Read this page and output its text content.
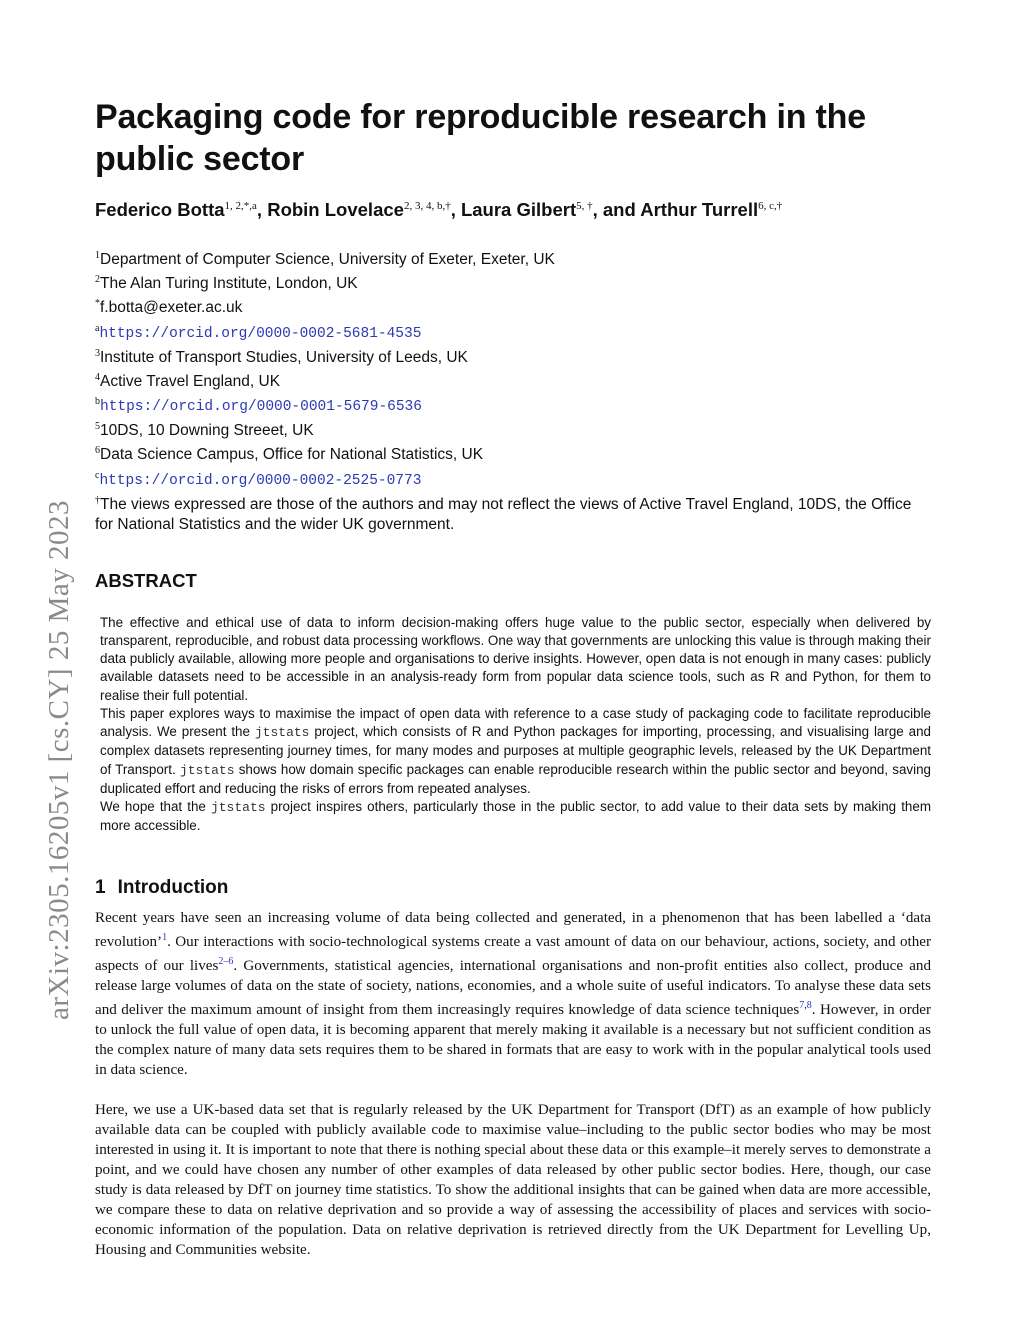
arXiv:2305.16205v1 [cs.CY] 25 May 2023
Packaging code for reproducible research in the public sector
Federico Botta$^{1, 2,*,a}$, Robin Lovelace$^{2, 3, 4, b,\dagger}$, Laura Gilbert$^{5, \dagger}$, and Arthur Turrell$^{6, c,\dagger}$
$^1$Department of Computer Science, University of Exeter, Exeter, UK
$^2$The Alan Turing Institute, London, UK
*f.botta@exeter.ac.uk
$^a$https://orcid.org/0000-0002-5681-4535
$^3$Institute of Transport Studies, University of Leeds, UK
$^4$Active Travel England, UK
$^b$https://orcid.org/0000-0001-5679-6536
$^5$10DS, 10 Downing Streeet, UK
$^6$Data Science Campus, Office for National Statistics, UK
$^c$https://orcid.org/0000-0002-2525-0773
†The views expressed are those of the authors and may not reflect the views of Active Travel England, 10DS, the Office for National Statistics and the wider UK government.
ABSTRACT

The effective and ethical use of data to inform decision-making offers huge value to the public sector, especially when delivered by transparent, reproducible, and robust data processing workflows. One way that governments are unlocking this value is through making their data publicly available, allowing more people and organisations to derive insights. However, open data is not enough in many cases: publicly available datasets need to be accessible in an analysis-ready form from popular data science tools, such as R and Python, for them to realise their full potential.

This paper explores ways to maximise the impact of open data with reference to a case study of packaging code to facilitate reproducible analysis. We present the jtstats project, which consists of R and Python packages for importing, processing, and visualising large and complex datasets representing journey times, for many modes and purposes at multiple geographic levels, released by the UK Department of Transport. jtstats shows how domain specific packages can enable reproducible research within the public sector and beyond, saving duplicated effort and reducing the risks of errors from repeated analyses.

We hope that the jtstats project inspires others, particularly those in the public sector, to add value to their data sets by making them more accessible.

1 Introduction

Recent years have seen an increasing volume of data being collected and generated, in a phenomenon that has been labelled a ‘data revolution’$^1$. Our interactions with socio-technological systems create a vast amount of data on our behaviour, actions, society, and other aspects of our lives$^{2-6}$. Governments, statistical agencies, international organisations and non-profit entities also collect, produce and release large volumes of data on the state of society, nations, economies, and a whole suite of useful indicators. To analyse these data sets and deliver the maximum amount of insight from them increasingly requires knowledge of data science techniques$^{7,8}$. However, in order to unlock the full value of open data, it is becoming apparent that merely making it available is a necessary but not sufficient condition as the complex nature of many data sets requires them to be shared in formats that are easy to work with in the popular analytical tools used in data science.

Here, we use a UK-based data set that is regularly released by the UK Department for Transport (DfT) as an example of how publicly available data can be coupled with publicly available code to maximise value–including to the public sector bodies who may be most interested in using it. It is important to note that there is nothing special about these data or this example–it merely serves to demonstrate a point, and we could have chosen any number of other examples of data released by other public sector bodies. Here, though, our case study is data released by DfT on journey time statistics. To show the additional insights that can be gained when data are more accessible, we compare these to data on relative deprivation and so provide a way of assessing the accessibility of places and services with socio-economic information of the population. Data on relative deprivation is retrieved directly from the UK Department for Levelling Up, Housing and Communities website.
